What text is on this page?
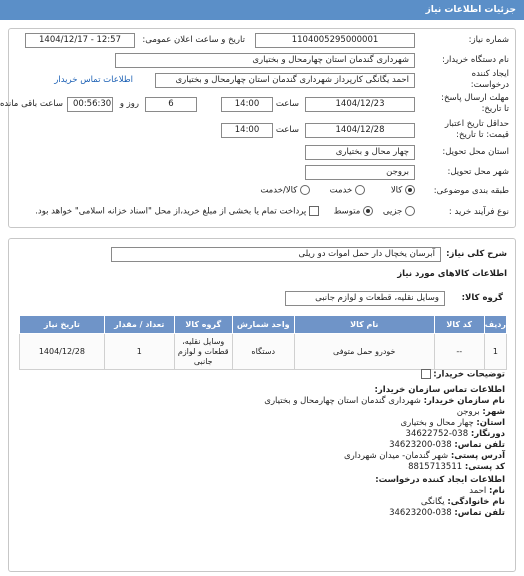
جزئیات اطلاعات نیاز
شماره نیاز:
1104005295000001
تاریخ و ساعت اعلان عمومی:
1404/12/17 - 12:57
نام دستگاه خریدار:
شهرداری گندمان استان چهارمحال و بختیاری
ایجاد کننده
درخواست:
احمد یگانگی کارپرداز شهرداری گندمان استان چهارمحال و بختیاری
اطلاعات تماس خریدار
مهلت ارسال پاسخ:
تا تاریخ:
1404/12/23
ساعت
14:00
6
روز و
00:56:30
ساعت باقی مانده
حداقل تاریخ اعتبار
قیمت: تا تاریخ:
1404/12/28
ساعت
14:00
استان محل تحویل:
چهار محال و بختیاری
شهر محل تحویل:
بروجن
طبقه بندی موضوعی:
کالا
خدمت
کالا/خدمت
نوع فرآیند خرید :
جزیی
متوسط
پرداخت تمام یا بخشی از مبلغ خرید،از محل "اسناد خزانه اسلامی" خواهد بود.
شرح کلی نیاز:
آبرسان یخچال دار حمل اموات دو ریلی
اطلاعات کالاهای مورد نیاز
گروه کالا:
وسایل نقلیه، قطعات و لوازم جانبی
ردیف	کد کالا	نام کالا	واحد شمارش	گروه کالا	تعداد / مقدار	تاریخ نیاز
1	--	خودرو حمل متوفی	دستگاه	وسایل نقلیه، قطعات و لوازم جانبی	1	1404/12/28
توضیحات خریدار:
اطلاعات تماس سازمان خریدار:
نام سازمان خریدار: شهرداری گندمان استان چهارمحال و بختیاری
شهر: بروجن
استان: چهار محال و بختیاری
دورنگار: 038-34622752
تلفن تماس: 038-34623200
آدرس پستی: شهر گندمان- میدان شهرداری
کد پستی: 8815713511
اطلاعات ایجاد کننده درخواست:
نام: احمد
نام خانوادگی: یگانگی
تلفن تماس: 038-34623200
